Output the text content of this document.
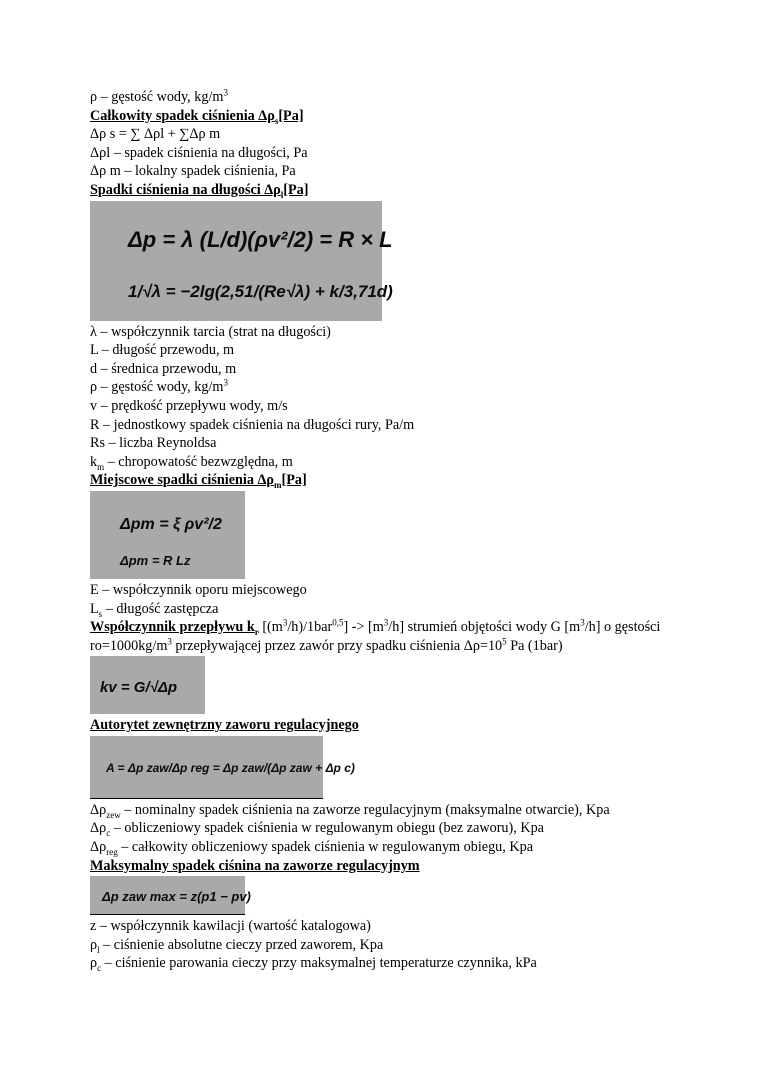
ρ – gęstość wody, $kg/m^3$
Całkowity spadek ciśnienia $\Delta\rho_s[Pa]$
Δρ s = ∑ Δρl + ∑Δρ m
Δρl – spadek ciśnienia na długości, Pa
Δρ m – lokalny spadek ciśnienia, Pa
Spadki ciśnienia na długości $\Delta\rho_l[Pa]$
Δp = λ (L/d)(ρv²/2) = R × L
1/√λ = −2lg(2,51/(Re√λ) + k/3,71d)
λ – współczynnik tarcia (strat na długości)
L – długość przewodu, m
d – średnica przewodu, m
ρ – gęstość wody, $kg/m^3$
v – prędkość przepływu wody, m/s
R – jednostkowy spadek ciśnienia na długości rury, Pa/m
Rs – liczba Reynoldsa
$k_m$ – chropowatość bezwzględna, m
Miejscowe spadki ciśnienia $\Delta\rho_m[Pa]$
Δpm = ξ ρv²/2
Δpm = R Lz
E – współczynnik oporu miejscowego
$L_s$ – długość zastępcza
Współczynnik przepływu $k_r$ $[(m^3/h)/1bar^{0,5}] -> [m^3/h]$ strumień objętości wody G $[m^3/h]$ o gęstości $ro=1000kg/m^3$ przepływającej przez zawór przy spadku ciśnienia $\Delta\rho=10^5$ Pa (1bar)
kv = G/√Δp
Autorytet zewnętrzny zaworu regulacyjnego
A = Δp zaw/Δp reg = Δp zaw/(Δp zaw + Δp c)
$\Delta\rho_{zew}$ – nominalny spadek ciśnienia na zaworze regulacyjnym (maksymalne otwarcie), Kpa
$\Delta\rho_c$ – obliczeniowy spadek ciśnienia w regulowanym obiegu (bez zaworu), Kpa
$\Delta\rho_{reg}$ – całkowity obliczeniowy spadek ciśnienia w regulowanym obiegu, Kpa
Maksymalny spadek ciśnina na zaworze regulacyjnym
Δp zaw max = z(p1 − pv)
z – współczynnik kawilacji (wartość katalogowa)
$\rho_l$ – ciśnienie absolutne cieczy przed zaworem, Kpa
$\rho_c$ – ciśnienie parowania cieczy przy maksymalnej temperaturze czynnika, kPa
